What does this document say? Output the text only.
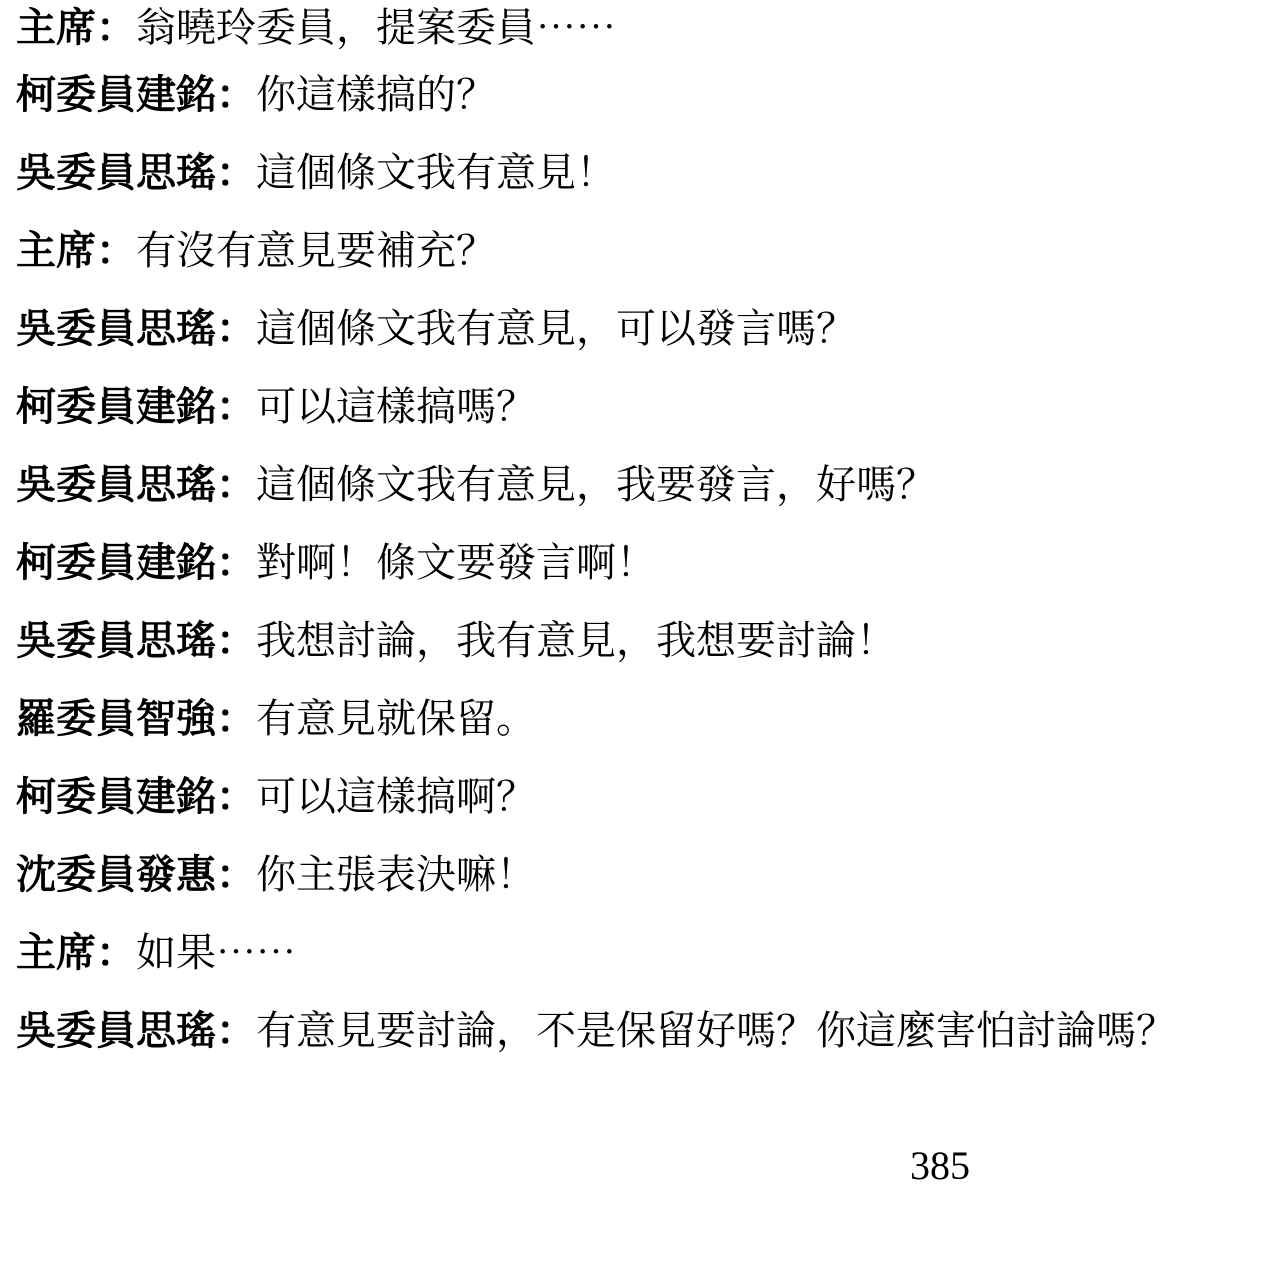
主席 ： 翁曉玲委員，提案委員⋯⋯
柯委員建銘 ： 你這樣搞的？
吳委員思瑤 ： 這個條文我有意見！
主席 ： 有沒有意見要補充？
吳委員思瑤 ： 這個條文我有意見，可以發言嗎？
柯委員建銘 ： 可以這樣搞嗎？
吳委員思瑤 ： 這個條文我有意見，我要發言，好嗎？
柯委員建銘 ： 對啊！條文要發言啊！
吳委員思瑤 ： 我想討論，我有意見，我想要討論！
羅委員智強 ： 有意見就保留。
柯委員建銘 ： 可以這樣搞啊？
沈委員發惠 ： 你主張表決嘛！
主席 ： 如果⋯⋯
吳委員思瑤 ： 有意見要討論，不是保留好嗎？你這麼害怕討論嗎？
385
